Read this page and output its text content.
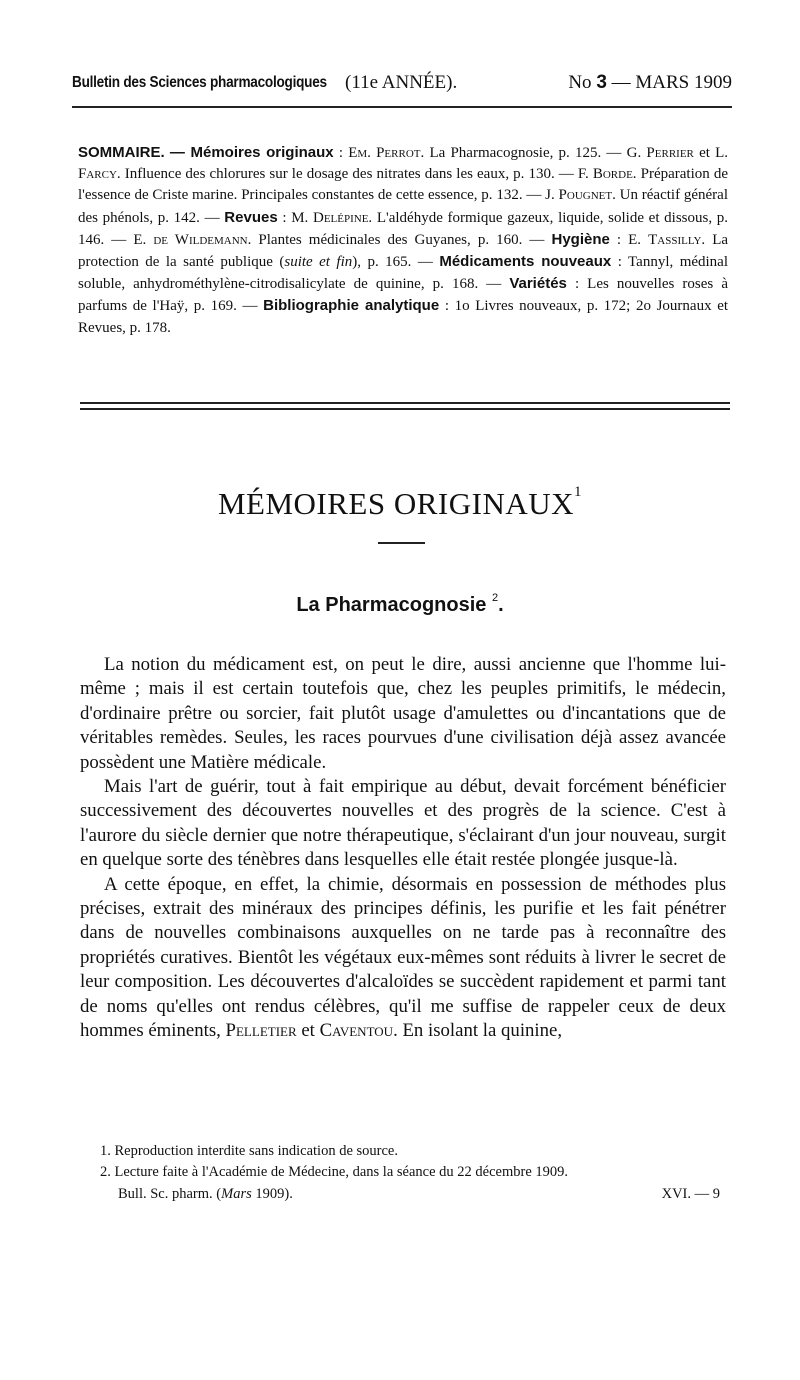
Bulletin des Sciences pharmacologiques (11e ANNÉE).	No 3 — MARS 1909
SOMMAIRE. — Mémoires originaux : Em. Perrot. La Pharmacognosie, p. 125. — G. Perrier et L. Farcy. Influence des chlorures sur le dosage des nitrates dans les eaux, p. 130. — F. Borde. Préparation de l'essence de Criste marine. Principales constantes de cette essence, p. 132. — J. Pougnet. Un réactif général des phénols, p. 142. — Revues : M. Delépine. L'aldéhyde formique gazeux, liquide, solide et dissous, p. 146. — E. de Wildemann. Plantes médicinales des Guyanes, p. 160. — Hygiène : E. Tassilly. La protection de la santé publique (suite et fin), p. 165. — Médicaments nouveaux : Tannyl, médinal soluble, anhydrométhylène-citrodisalicylate de quinine, p. 168. — Variétés : Les nouvelles roses à parfums de l'Haÿ, p. 169. — Bibliographie analytique : 1o Livres nouveaux, p. 172; 2o Journaux et Revues, p. 178.
MÉMOIRES ORIGINAUX$^1$
La Pharmacognosie $^2$.

La notion du médicament est, on peut le dire, aussi ancienne que l'homme lui-même ; mais il est certain toutefois que, chez les peuples primitifs, le médecin, d'ordinaire prêtre ou sorcier, fait plutôt usage d'amulettes ou d'incantations que de véritables remèdes. Seules, les races pourvues d'une civilisation déjà assez avancée possèdent une Matière médicale.

Mais l'art de guérir, tout à fait empirique au début, devait forcément bénéficier successivement des découvertes nouvelles et des progrès de la science. C'est à l'aurore du siècle dernier que notre thérapeutique, s'éclairant d'un jour nouveau, surgit en quelque sorte des ténèbres dans lesquelles elle était restée plongée jusque-là.

A cette époque, en effet, la chimie, désormais en possession de méthodes plus précises, extrait des minéraux des principes définis, les purifie et les fait pénétrer dans de nouvelles combinaisons auxquelles on ne tarde pas à reconnaître des propriétés curatives. Bientôt les végétaux eux-mêmes sont réduits à livrer le secret de leur composition. Les découvertes d'alcaloïdes se succèdent rapidement et parmi tant de noms qu'elles ont rendus célèbres, qu'il me suffise de rappeler ceux de deux hommes éminents, Pelletier et Caventou. En isolant la quinine,

1. Reproduction interdite sans indication de source.
2. Lecture faite à l'Académie de Médecine, dans la séance du 22 décembre 1909.
Bull. Sc. pharm. (Mars 1909).	XVI. — 9
